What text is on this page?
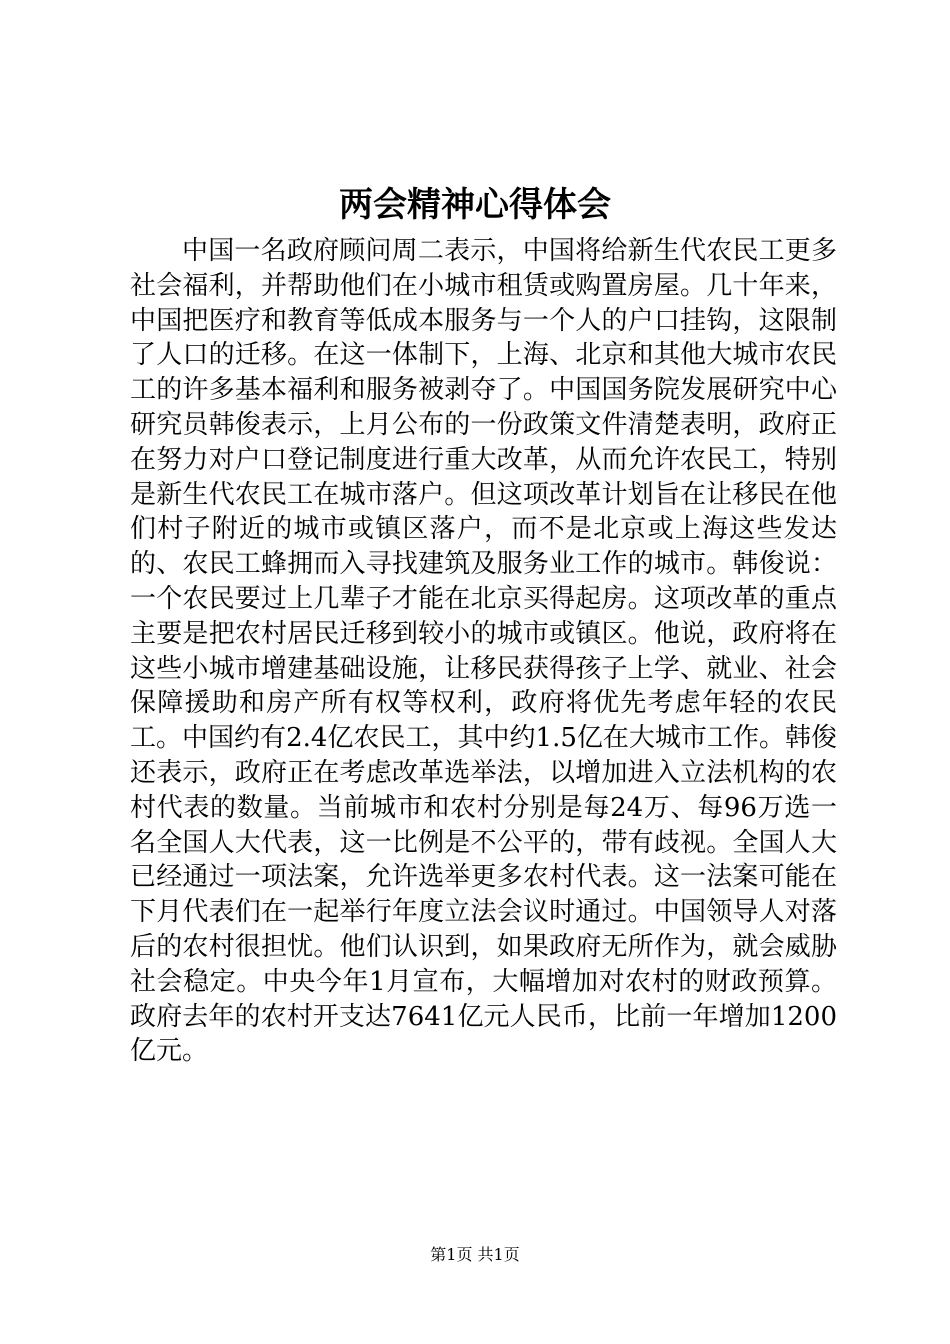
两会精神心得体会

中国一名政府顾问周二表示，中国将给新生代农民工更多社会福利，并帮助他们在小城市租赁或购置房屋。几十年来，中国把医疗和教育等低成本服务与一个人的户口挂钩，这限制了人口的迁移。在这一体制下，上海、北京和其他大城市农民工的许多基本福利和服务被剥夺了。中国国务院发展研究中心研究员韩俊表示，上月公布的一份政策文件清楚表明，政府正在努力对户口登记制度进行重大改革，从而允许农民工，特别是新生代农民工在城市落户。但这项改革计划旨在让移民在他们村子附近的城市或镇区落户，而不是北京或上海这些发达的、农民工蜂拥而入寻找建筑及服务业工作的城市。韩俊说：一个农民要过上几辈子才能在北京买得起房。这项改革的重点主要是把农村居民迁移到较小的城市或镇区。他说，政府将在这些小城市增建基础设施，让移民获得孩子上学、就业、社会保障援助和房产所有权等权利，政府将优先考虑年轻的农民工。中国约有2.4亿农民工，其中约1.5亿在大城市工作。韩俊还表示，政府正在考虑改革选举法，以增加进入立法机构的农村代表的数量。当前城市和农村分别是每24万、每96万选一名全国人大代表，这一比例是不公平的，带有歧视。全国人大已经通过一项法案，允许选举更多农村代表。这一法案可能在下月代表们在一起举行年度立法会议时通过。中国领导人对落后的农村很担忧。他们认识到，如果政府无所作为，就会威胁社会稳定。中央今年1月宣布，大幅增加对农村的财政预算。政府去年的农村开支达7641亿元人民币，比前一年增加1200亿元。

第1页 共1页
